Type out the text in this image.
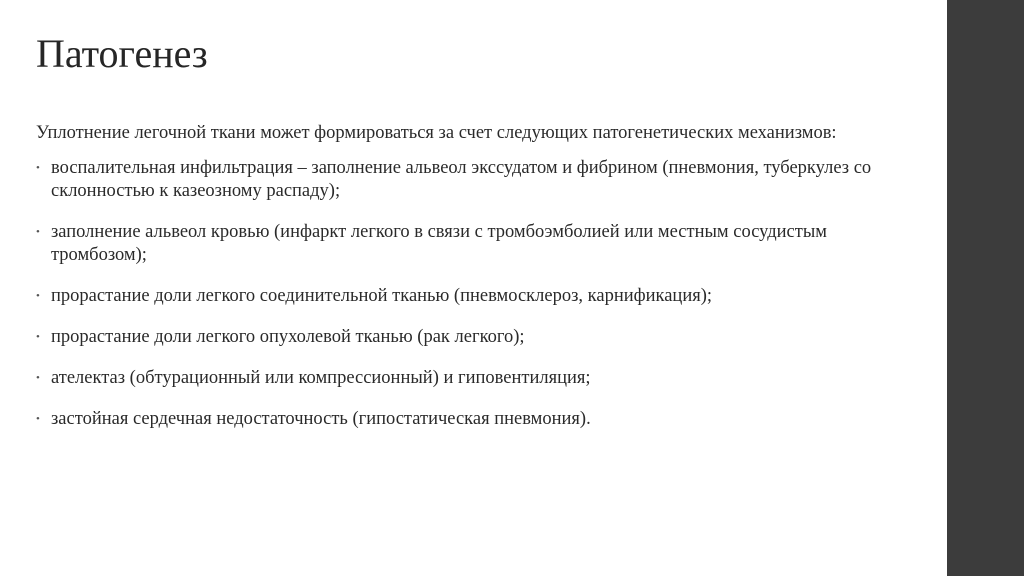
Патогенез

Уплотнение легочной ткани может формироваться за счет следующих патогенетических механизмов:

• воспалительная инфильтрация – заполнение альвеол экссудатом и фибрином (пневмония, туберкулез со склонностью к казеозному распаду);
• заполнение альвеол кровью (инфаркт легкого в связи с тромбоэмболией или местным сосудистым тромбозом);
• прорастание доли легкого соединительной тканью (пневмосклероз, карнификация);
• прорастание доли легкого опухолевой тканью (рак легкого);
• ателектаз (обтурационный или компрессионный) и гиповентиляция;
• застойная сердечная недостаточность (гипостатическая пневмония).
